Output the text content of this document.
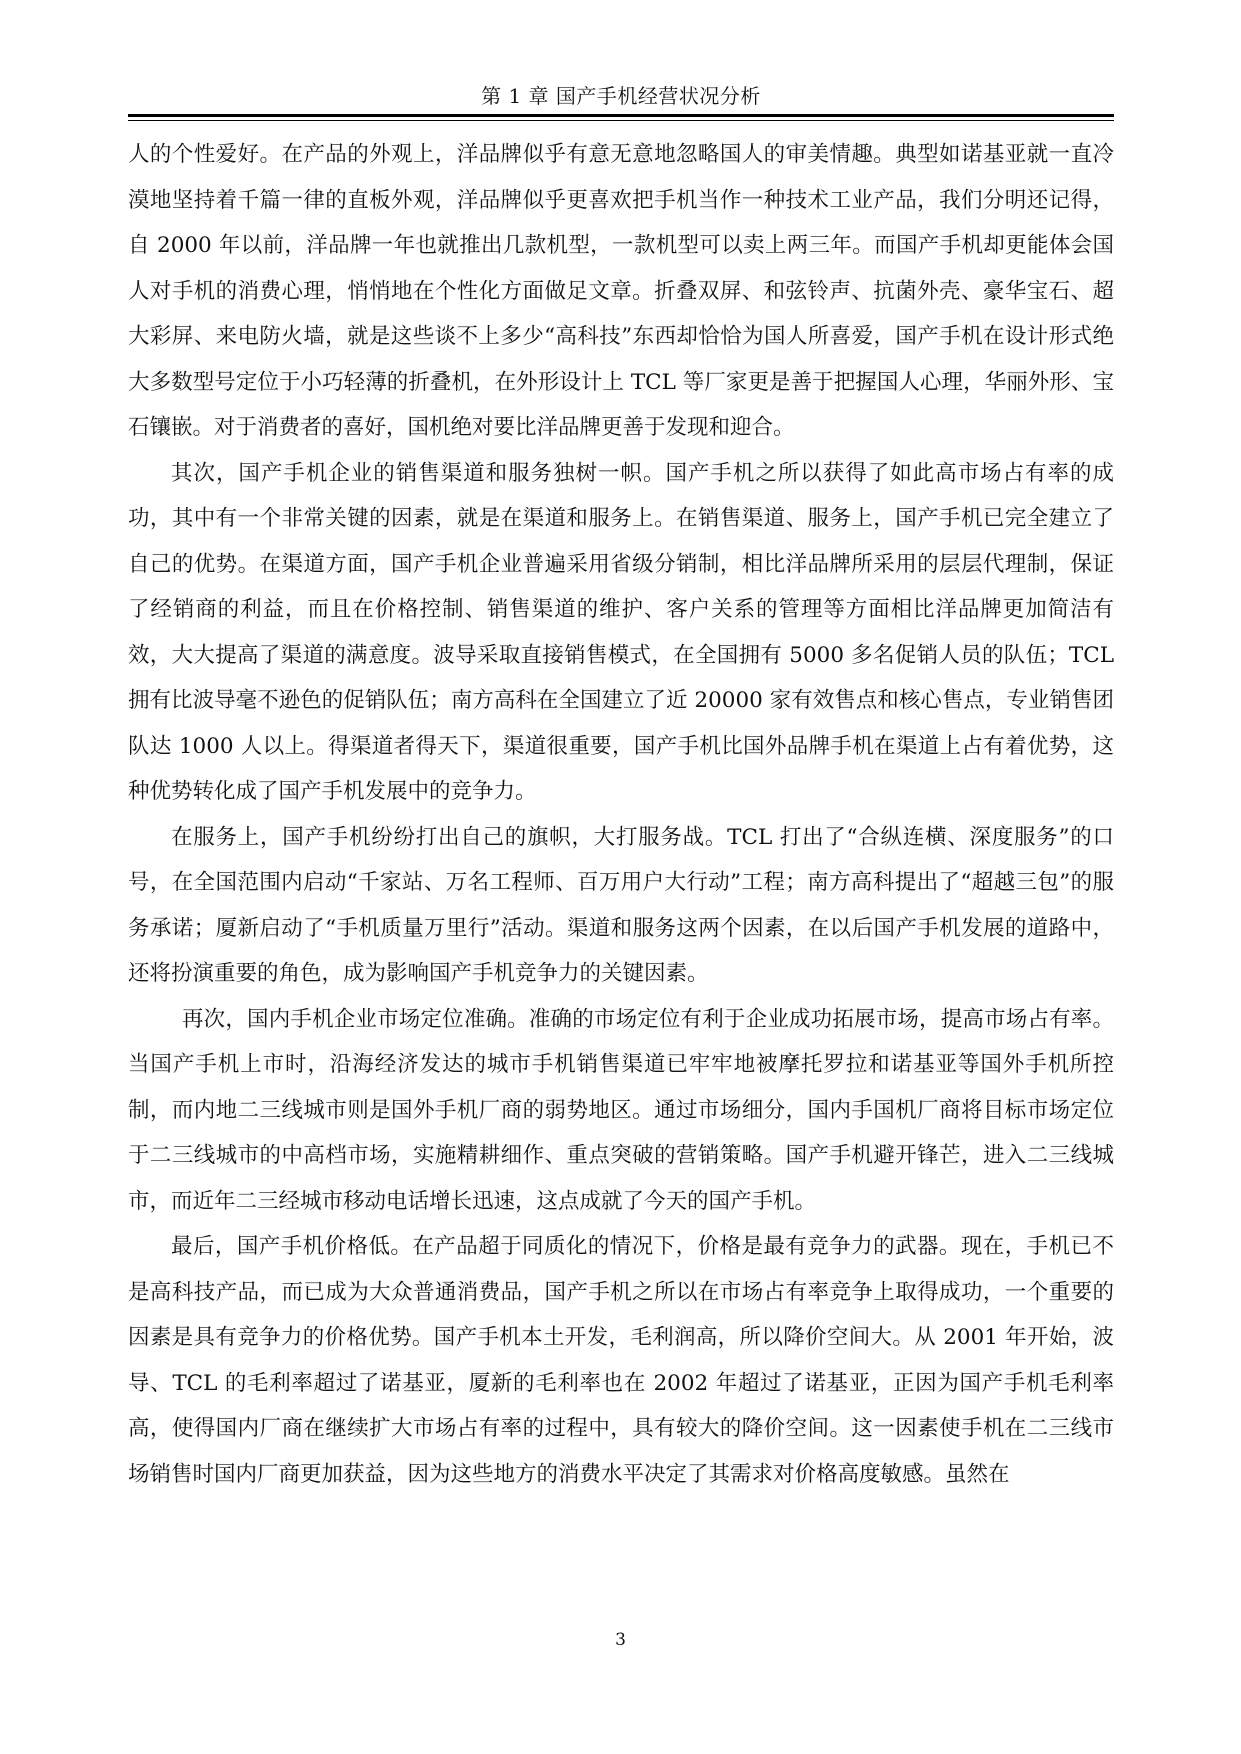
第 1 章 国产手机经营状况分析

人的个性爱好。在产品的外观上，洋品牌似乎有意无意地忽略国人的审美情趣。典型如诺基亚就一直冷漠地坚持着千篇一律的直板外观，洋品牌似乎更喜欢把手机当作一种技术工业产品，我们分明还记得，自 2000 年以前，洋品牌一年也就推出几款机型，一款机型可以卖上两三年。而国产手机却更能体会国人对手机的消费心理，悄悄地在个性化方面做足文章。折叠双屏、和弦铃声、抗菌外壳、豪华宝石、超大彩屏、来电防火墙，就是这些谈不上多少“高科技”东西却恰恰为国人所喜爱，国产手机在设计形式绝大多数型号定位于小巧轻薄的折叠机，在外形设计上 TCL 等厂家更是善于把握国人心理，华丽外形、宝石镶嵌。对于消费者的喜好，国机绝对要比洋品牌更善于发现和迎合。

其次，国产手机企业的销售渠道和服务独树一帜。国产手机之所以获得了如此高市场占有率的成功，其中有一个非常关键的因素，就是在渠道和服务上。在销售渠道、服务上，国产手机已完全建立了自己的优势。在渠道方面，国产手机企业普遍采用省级分销制，相比洋品牌所采用的层层代理制，保证了经销商的利益，而且在价格控制、销售渠道的维护、客户关系的管理等方面相比洋品牌更加简洁有效，大大提高了渠道的满意度。波导采取直接销售模式，在全国拥有 5000 多名促销人员的队伍；TCL 拥有比波导毫不逊色的促销队伍；南方高科在全国建立了近 20000 家有效售点和核心售点，专业销售团队达 1000 人以上。得渠道者得天下，渠道很重要，国产手机比国外品牌手机在渠道上占有着优势，这种优势转化成了国产手机发展中的竞争力。

在服务上，国产手机纷纷打出自己的旗帜，大打服务战。TCL 打出了“合纵连横、深度服务”的口号，在全国范围内启动“千家站、万名工程师、百万用户大行动”工程；南方高科提出了“超越三包”的服务承诺；厦新启动了“手机质量万里行”活动。渠道和服务这两个因素，在以后国产手机发展的道路中，还将扮演重要的角色，成为影响国产手机竞争力的关键因素。

再次，国内手机企业市场定位准确。准确的市场定位有利于企业成功拓展市场，提高市场占有率。当国产手机上市时，沿海经济发达的城市手机销售渠道已牢牢地被摩托罗拉和诺基亚等国外手机所控制，而内地二三线城市则是国外手机厂商的弱势地区。通过市场细分，国内手国机厂商将目标市场定位于二三线城市的中高档市场，实施精耕细作、重点突破的营销策略。国产手机避开锋芒，进入二三线城市，而近年二三经城市移动电话增长迅速，这点成就了今天的国产手机。

最后，国产手机价格低。在产品超于同质化的情况下，价格是最有竞争力的武器。现在，手机已不是高科技产品，而已成为大众普通消费品，国产手机之所以在市场占有率竞争上取得成功，一个重要的因素是具有竞争力的价格优势。国产手机本土开发，毛利润高，所以降价空间大。从 2001 年开始，波导、TCL 的毛利率超过了诺基亚，厦新的毛利率也在 2002 年超过了诺基亚，正因为国产手机毛利率高，使得国内厂商在继续扩大市场占有率的过程中，具有较大的降价空间。这一因素使手机在二三线市场销售时国内厂商更加获益，因为这些地方的消费水平决定了其需求对价格高度敏感。虽然在

3
